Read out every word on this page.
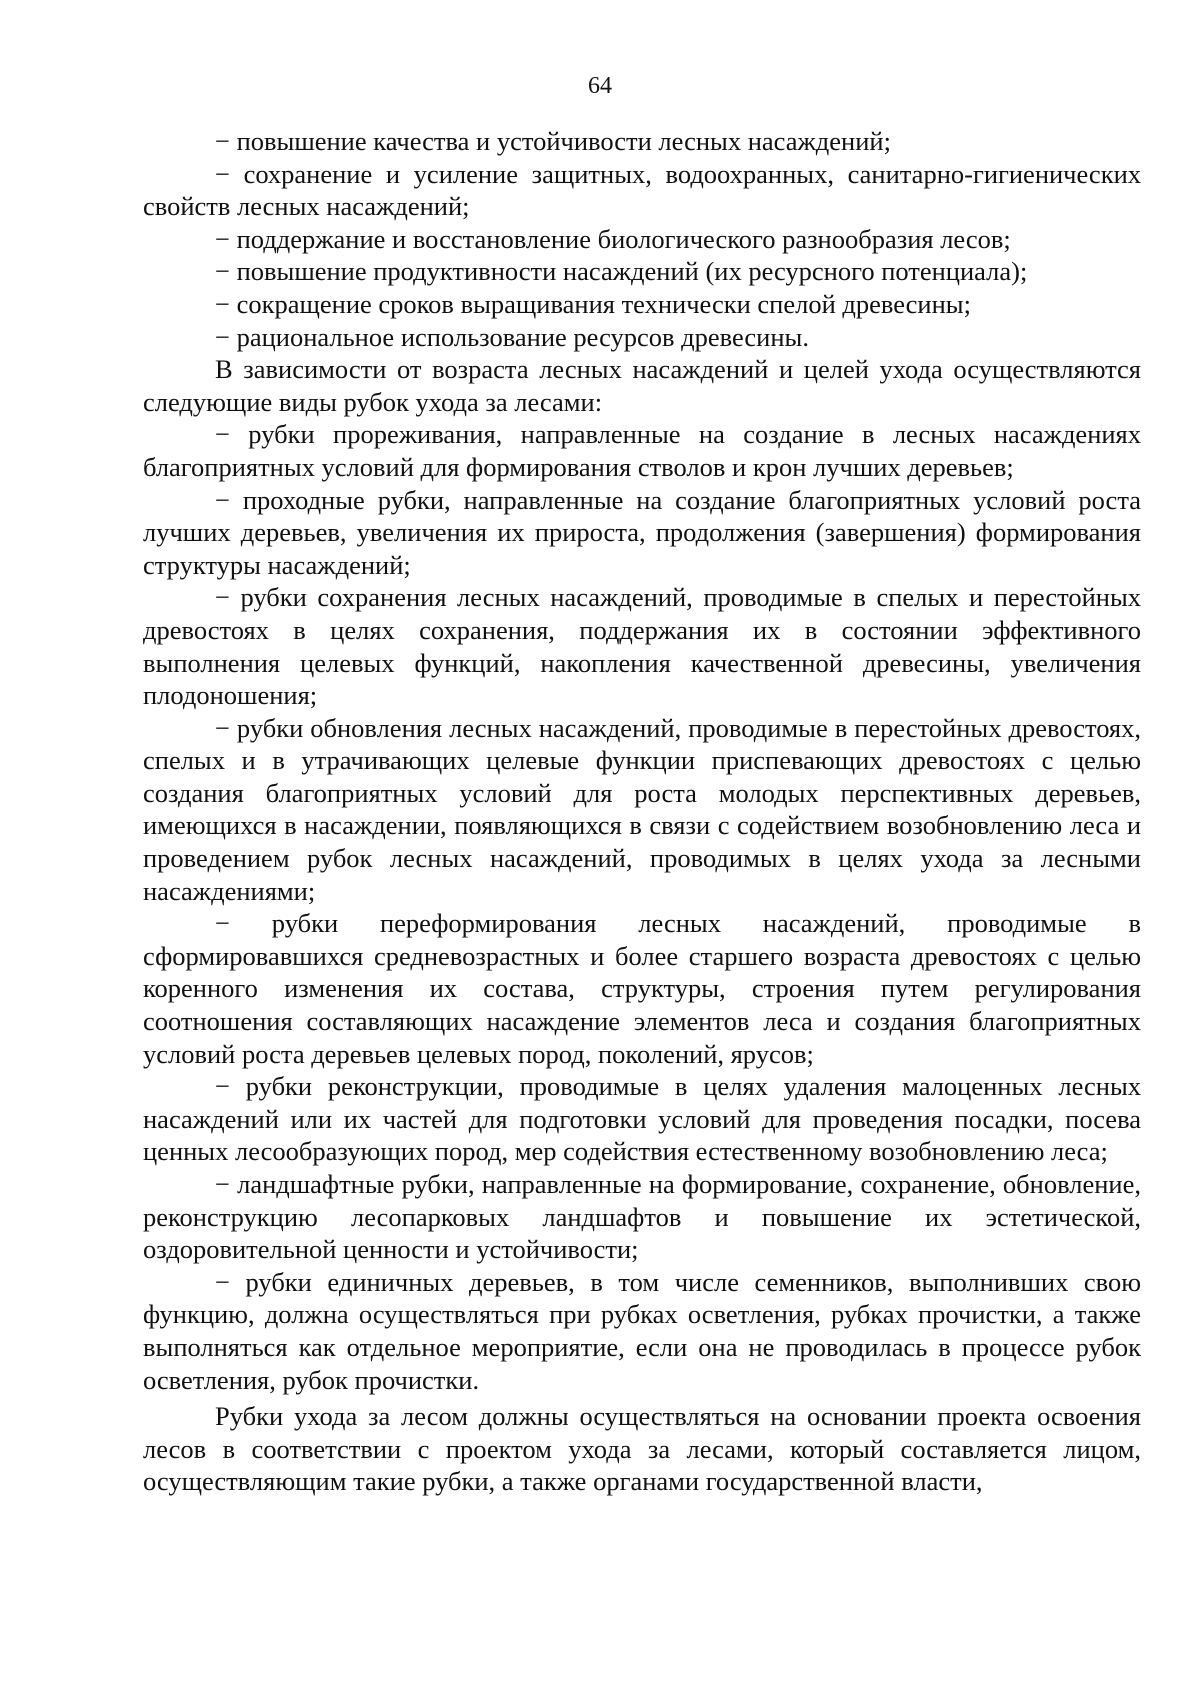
64

− повышение качества и устойчивости лесных насаждений;

− сохранение и усиление защитных, водоохранных, санитарно-гигиенических свойств лесных насаждений;

− поддержание и восстановление биологического разнообразия лесов;

− повышение продуктивности насаждений (их ресурсного потенциала);

− сокращение сроков выращивания технически спелой древесины;

− рациональное использование ресурсов древесины.

В зависимости от возраста лесных насаждений и целей ухода осуществляются следующие виды рубок ухода за лесами:

− рубки прореживания, направленные на создание в лесных насаждениях благоприятных условий для формирования стволов и крон лучших деревьев;

− проходные рубки, направленные на создание благоприятных условий роста лучших деревьев, увеличения их прироста, продолжения (завершения) формирования структуры насаждений;

− рубки сохранения лесных насаждений, проводимые в спелых и перестойных древостоях в целях сохранения, поддержания их в состоянии эффективного выполнения целевых функций, накопления качественной древесины, увеличения плодоношения;

− рубки обновления лесных насаждений, проводимые в перестойных древостоях, спелых и в утрачивающих целевые функции приспевающих древостоях с целью создания благоприятных условий для роста молодых перспективных деревьев, имеющихся в насаждении, появляющихся в связи с содействием возобновлению леса и проведением рубок лесных насаждений, проводимых в целях ухода за лесными насаждениями;

− рубки переформирования лесных насаждений, проводимые в сформировавшихся средневозрастных и более старшего возраста древостоях с целью коренного изменения их состава, структуры, строения путем регулирования соотношения составляющих насаждение элементов леса и создания благоприятных условий роста деревьев целевых пород, поколений, ярусов;

− рубки реконструкции, проводимые в целях удаления малоценных лесных насаждений или их частей для подготовки условий для проведения посадки, посева ценных лесообразующих пород, мер содействия естественному возобновлению леса;

− ландшафтные рубки, направленные на формирование, сохранение, обновление, реконструкцию лесопарковых ландшафтов и повышение их эстетической, оздоровительной ценности и устойчивости;

− рубки единичных деревьев, в том числе семенников, выполнивших свою функцию, должна осуществляться при рубках осветления, рубках прочистки, а также выполняться как отдельное мероприятие, если она не проводилась в процессе рубок осветления, рубок прочистки.

Рубки ухода за лесом должны осуществляться на основании проекта освоения лесов в соответствии с проектом ухода за лесами, который составляется лицом, осуществляющим такие рубки, а также органами государственной власти,
